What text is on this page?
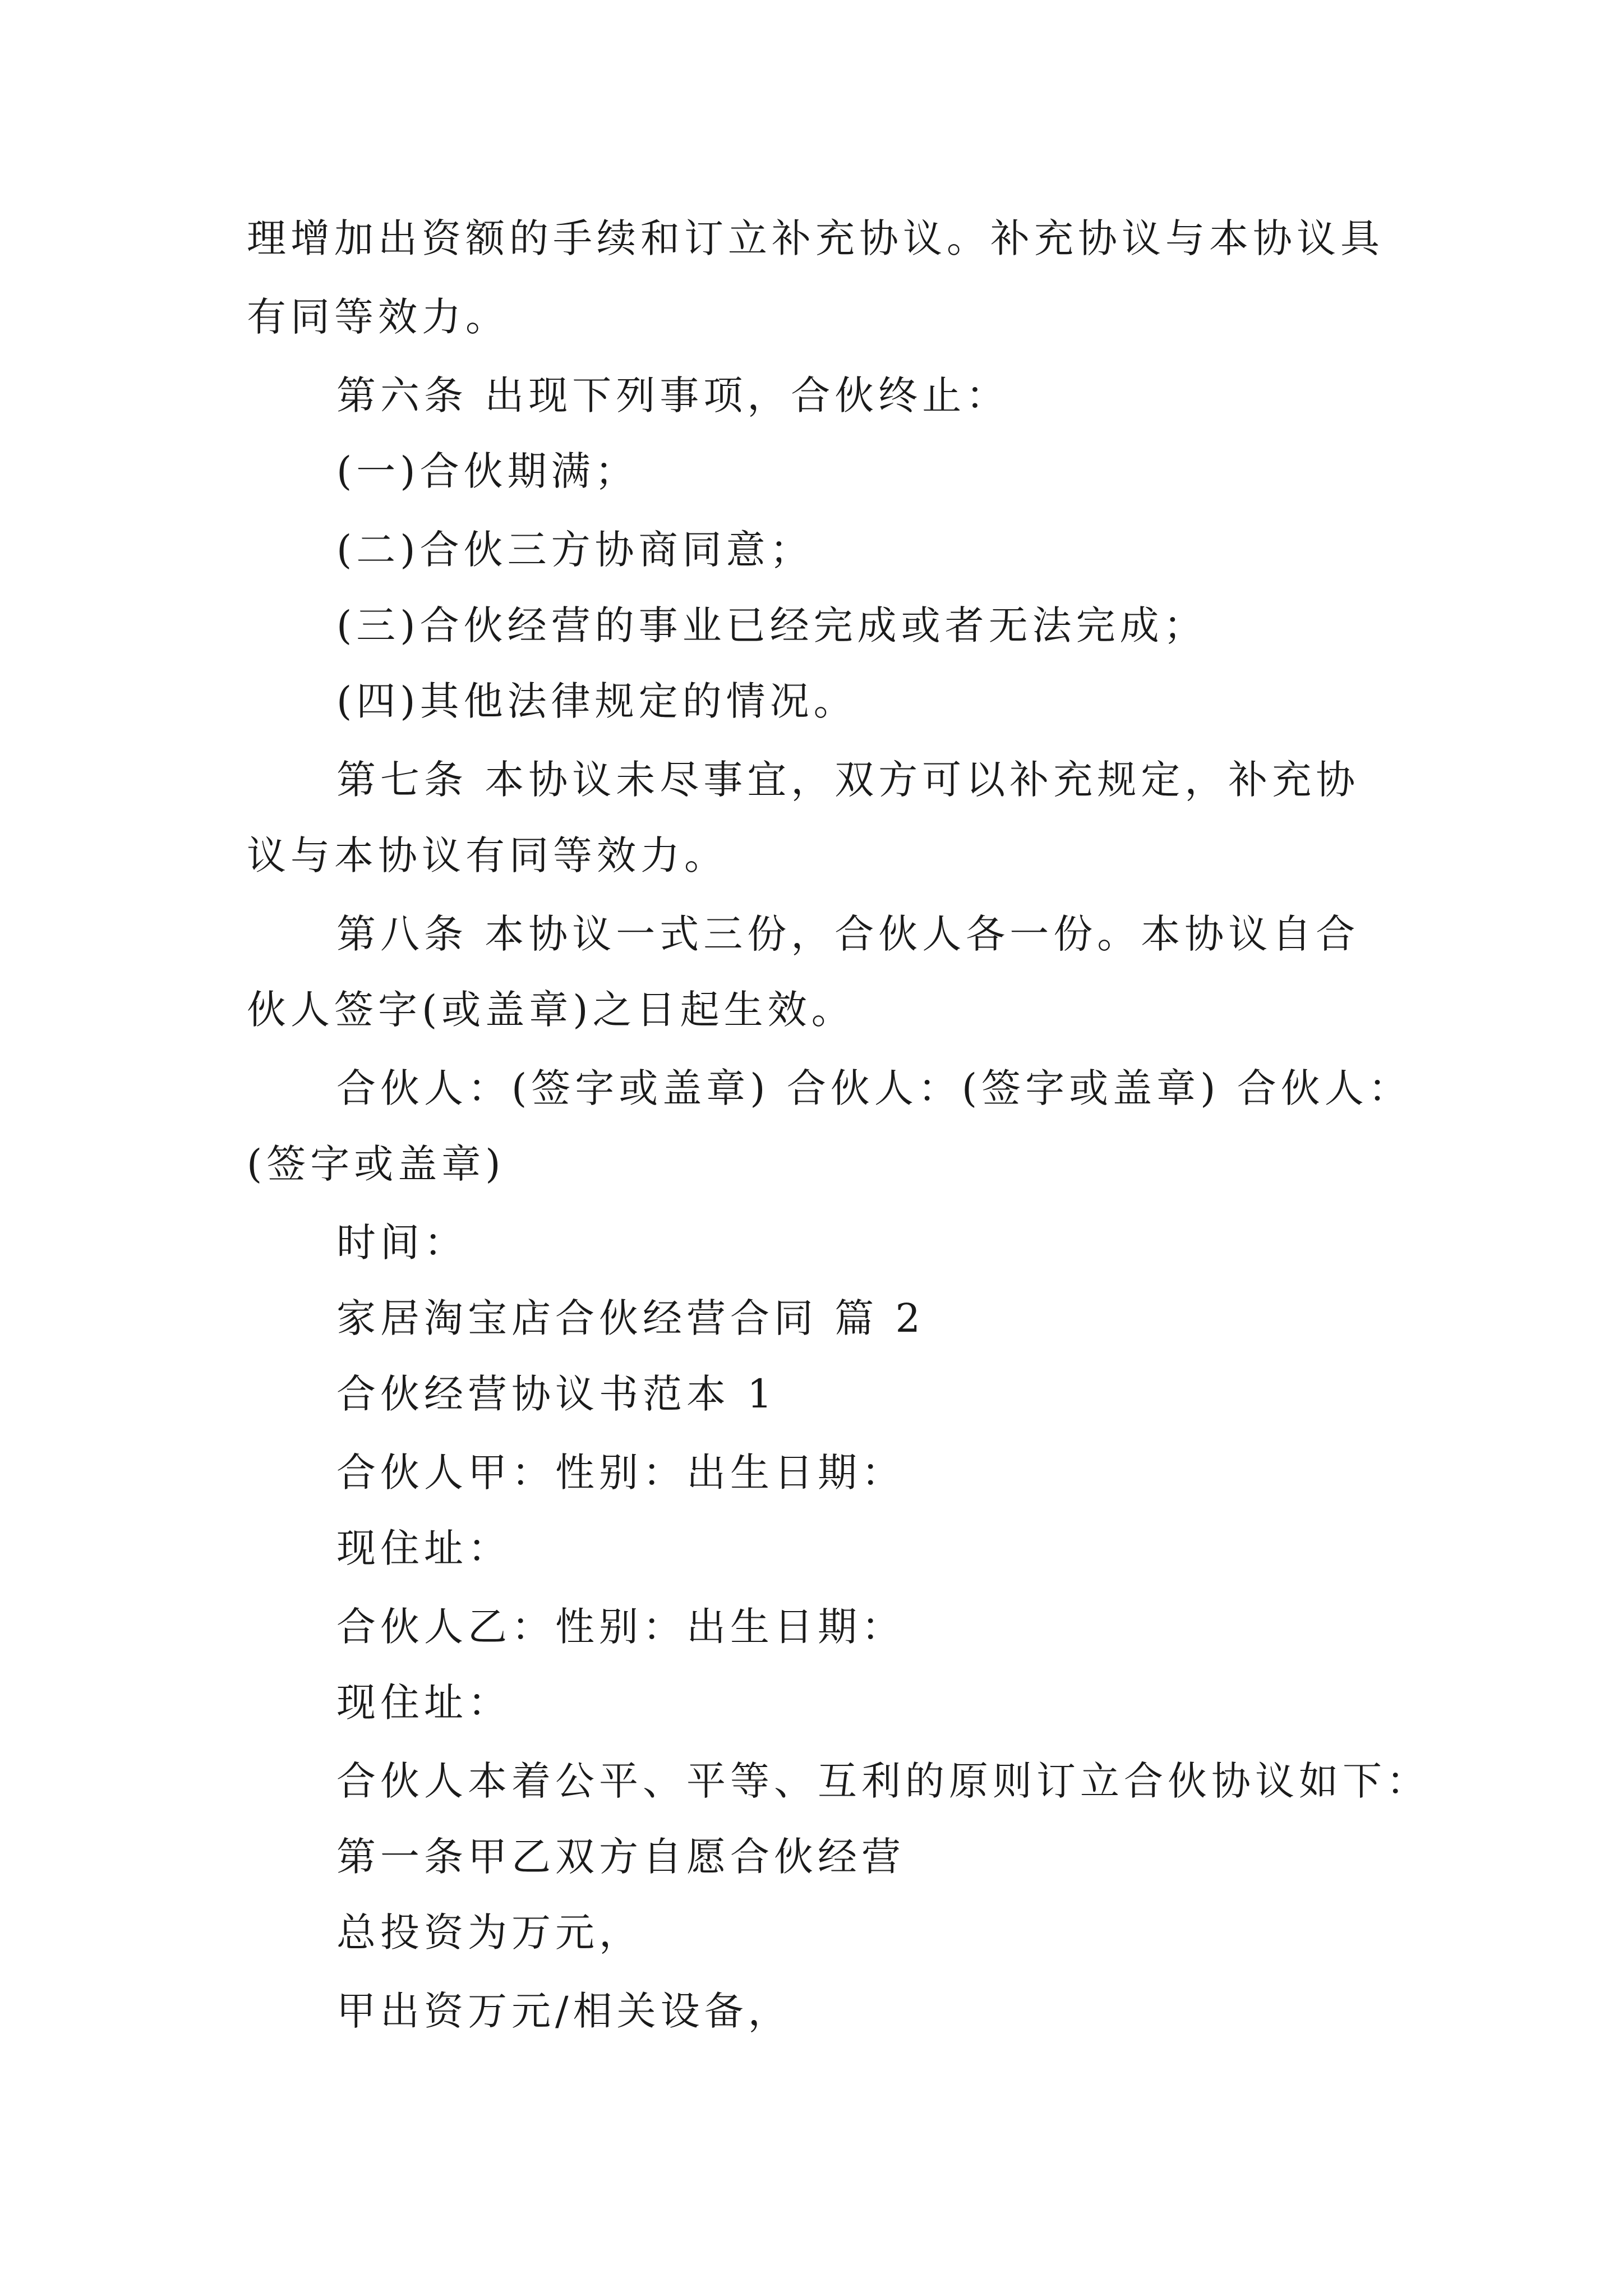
理增加出资额的手续和订立补充协议。补充协议与本协议具
有同等效力。
第六条 出现下列事项，合伙终止：
(一)合伙期满；
(二)合伙三方协商同意；
(三)合伙经营的事业已经完成或者无法完成；
(四)其他法律规定的情况。
第七条 本协议未尽事宜，双方可以补充规定，补充协
议与本协议有同等效力。
第八条 本协议一式三份，合伙人各一份。本协议自合
伙人签字(或盖章)之日起生效。
合伙人：(签字或盖章) 合伙人：(签字或盖章) 合伙人：
(签字或盖章)
时间：
家居淘宝店合伙经营合同 篇 2
合伙经营协议书范本 1
合伙人甲：性别：出生日期：
现住址：
合伙人乙：性别：出生日期：
现住址：
合伙人本着公平、平等、互利的原则订立合伙协议如下：
第一条甲乙双方自愿合伙经营
总投资为万元，
甲出资万元/相关设备，
